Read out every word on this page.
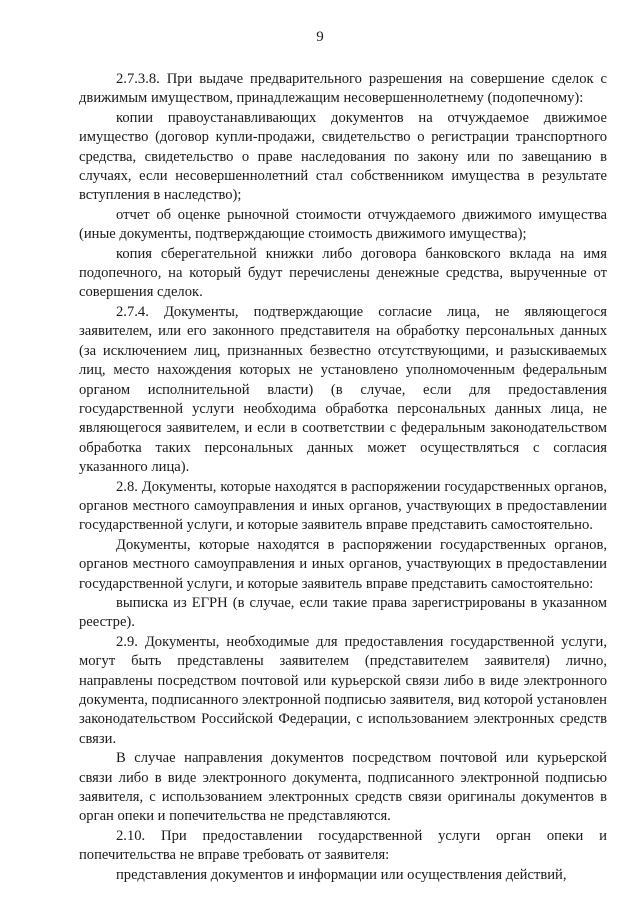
9

2.7.3.8. При выдаче предварительного разрешения на совершение сделок с движимым имуществом, принадлежащим несовершеннолетнему (подопечному):

копии правоустанавливающих документов на отчуждаемое движимое имущество (договор купли-продажи, свидетельство о регистрации транспортного средства, свидетельство о праве наследования по закону или по завещанию в случаях, если несовершеннолетний стал собственником имущества в результате вступления в наследство);

отчет об оценке рыночной стоимости отчуждаемого движимого имущества (иные документы, подтверждающие стоимость движимого имущества);

копия сберегательной книжки либо договора банковского вклада на имя подопечного, на который будут перечислены денежные средства, вырученные от совершения сделок.

2.7.4. Документы, подтверждающие согласие лица, не являющегося заявителем, или его законного представителя на обработку персональных данных (за исключением лиц, признанных безвестно отсутствующими, и разыскиваемых лиц, место нахождения которых не установлено уполномоченным федеральным органом исполнительной власти) (в случае, если для предоставления государственной услуги необходима обработка персональных данных лица, не являющегося заявителем, и если в соответствии с федеральным законодательством обработка таких персональных данных может осуществляться с согласия указанного лица).

2.8. Документы, которые находятся в распоряжении государственных органов, органов местного самоуправления и иных органов, участвующих в предоставлении государственной услуги, и которые заявитель вправе представить самостоятельно.

Документы, которые находятся в распоряжении государственных органов, органов местного самоуправления и иных органов, участвующих в предоставлении государственной услуги, и которые заявитель вправе представить самостоятельно:

выписка из ЕГРН (в случае, если такие права зарегистрированы в указанном реестре).

2.9. Документы, необходимые для предоставления государственной услуги, могут быть представлены заявителем (представителем заявителя) лично, направлены посредством почтовой или курьерской связи либо в виде электронного документа, подписанного электронной подписью заявителя, вид которой установлен законодательством Российской Федерации, с использованием электронных средств связи.

В случае направления документов посредством почтовой или курьерской связи либо в виде электронного документа, подписанного электронной подписью заявителя, с использованием электронных средств связи оригиналы документов в орган опеки и попечительства не представляются.

2.10. При предоставлении государственной услуги орган опеки и попечительства не вправе требовать от заявителя:

представления документов и информации или осуществления действий,
